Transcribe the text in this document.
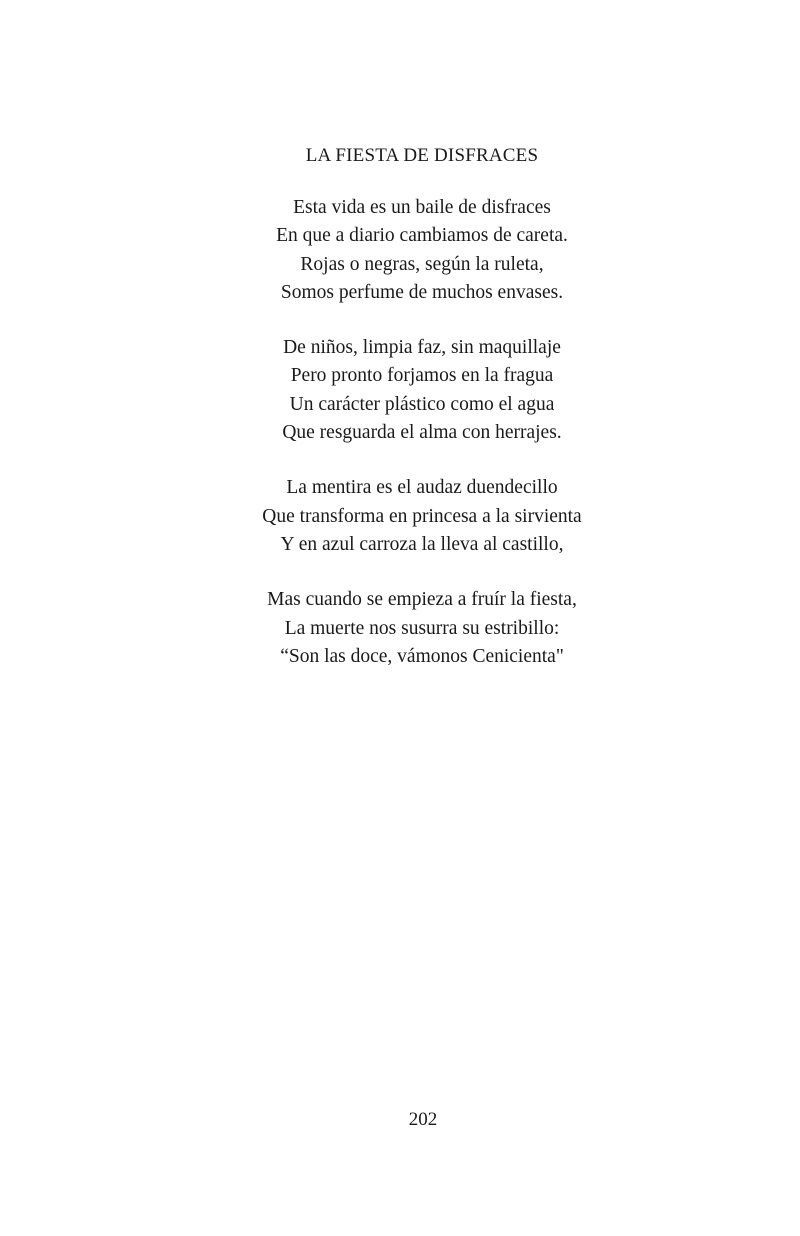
LA FIESTA DE DISFRACES
Esta vida es un baile de disfraces
En que a diario cambiamos de careta.
Rojas o negras, según la ruleta,
Somos perfume de muchos envases.
De niños, limpia faz, sin maquillaje
Pero pronto forjamos en la fragua
Un carácter plástico como el agua
Que resguarda el alma con herrajes.
La mentira es el audaz duendecillo
Que transforma en princesa a la sirvienta
Y en azul carroza la lleva al castillo,
Mas cuando se empieza a fruír la fiesta,
La muerte nos susurra su estribillo:
“Son las doce, vámonos Cenicienta"
202
